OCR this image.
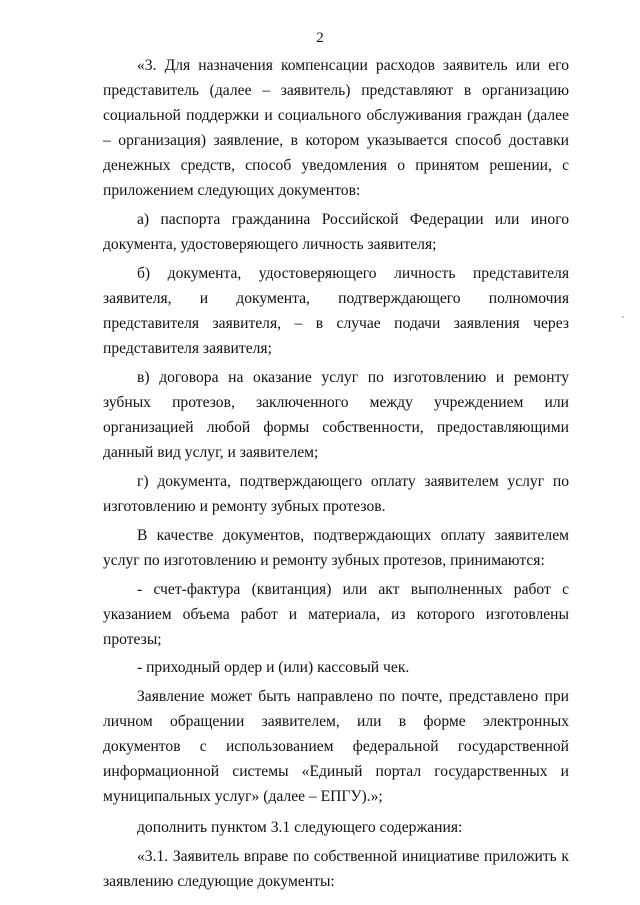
2

«3. Для назначения компенсации расходов заявитель или его представитель (далее – заявитель) представляют в организацию социальной поддержки и социального обслуживания граждан (далее – организация) заявление, в котором указывается способ доставки денежных средств, способ уведомления о принятом решении, с приложением следующих документов:

а) паспорта гражданина Российской Федерации или иного документа, удостоверяющего личность заявителя;

б) документа, удостоверяющего личность представителя заявителя, и документа, подтверждающего полномочия представителя заявителя, – в случае подачи заявления через представителя заявителя;

в) договора на оказание услуг по изготовлению и ремонту зубных протезов, заключенного между учреждением или организацией любой формы собственности, предоставляющими данный вид услуг, и заявителем;

г) документа, подтверждающего оплату заявителем услуг по изготовлению и ремонту зубных протезов.

В качестве документов, подтверждающих оплату заявителем услуг по изготовлению и ремонту зубных протезов, принимаются:

- счет-фактура (квитанция) или акт выполненных работ с указанием объема работ и материала, из которого изготовлены протезы;

- приходный ордер и (или) кассовый чек.

Заявление может быть направлено по почте, представлено при личном обращении заявителем, или в форме электронных документов с использованием федеральной государственной информационной системы «Единый портал государственных и муниципальных услуг» (далее – ЕПГУ).»;

дополнить пунктом 3.1 следующего содержания:

«3.1. Заявитель вправе по собственной инициативе приложить к заявлению следующие документы:
